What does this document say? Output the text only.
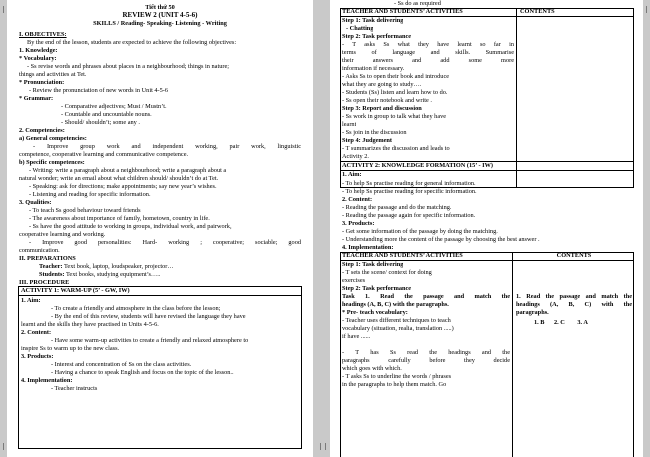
Tiết thứ 50
REVIEW 2 (UNIT 4-5-6)
SKILLS / Reading- Speaking- Listening - Writing
I. OBJECTIVES:
By the end of the lesson, students are expected to achieve the following objectives:
1. Knowledge:
* Vocabulary:
- Ss revise words and phrases about places in a neighbourhood; things in nature;
things and activities at Tet.
* Pronunciation:
- Review the pronunciation of new words in Unit 4-5-6
* Grammar:
- Comparative adjectives; Must / Mustn’t.
- Countable and uncountable nouns.
- Should/ shouldn’t; some any .
2. Competencies:
a) General competencies:
- Improve group work and independent working, pair work, linguistic
competence, cooperative learning and communicative competence.
b) Specific competences:
- Writing: write a paragraph about a neighbourhood; write a paragraph about a
natural wonder; write an email about what children should/ shouldn’t do at Tet.
- Speaking: ask for directions; make appointments; say new year’s wishes.
- Listening and reading for specific information.
3. Qualities:
- To teach Ss good behaviour toward friends
- The awareness about importance of family, hometown, country in life.
- Ss have the good attitude to working in groups, individual work, and pairwork,
cooperative learning and working.
- Improve good personalities: Hard- working ; cooperative; sociable; good
communication.
II. PREPARATIONS
Teacher: Text book, laptop, loudspeaker, projector…
Students: Text books, studying equipment’s…..
III. PROCEDURE
ACTIVITY 1: WARM-UP (5’ - GW, IW)
1. Aim:
- To create a friendly and atmosphere in the class before the lesson;
- By the end of this review, students will have revised the language they have
learnt and the skills they have practised in Units 4-5-6.
2. Content:
- Have some warm-up activities to create a friendly and relaxed atmosphere to
inspire Ss to warm up to the new class.
3. Products:
- Interest and concentration of Ss on the class activities.
- Having a chance to speak English and focus on the topic of the lesson..
4. Implementation:
- Teacher instructs
- Ss do as required
TEACHER AND STUDENTS’ ACTIVITIES	CONTENTS
Step 1: Task delivering
- Chatting
Step 2: Task performance
- T asks Ss what they have learnt so far in
terms of language and skills. Summarise
their answers and add some more
information if necessary.
- Asks Ss to open their book and introduce
what they are going to study….
- Students (Ss) listen and learn how to do.
- Ss open their notebook and write .
Step 3: Report and discussion
- Ss work in group to talk what they have
learnt
- Ss join in the discussion
Step 4: Judgement
- T summarizes the discussion and leads to
Activity 2.
ACTIVITY 2: KNOWLEDGE FORMATION (15’ - IW)
1. Aim:
- To help Ss practise reading for general information.
- To help Ss practise reading for specific information.
2. Content:
- Reading the passage and do the matching.
- Reading the passage again for specific information.
3. Products:
- Get some information of the passage by doing the matching.
- Understanding more the content of the passage by choosing the best answer .
4. Implementation:
TEACHER AND STUDENTS’ ACTIVITIES	CONTENTS
Step 1: Task delivering
- T sets the scene/ context for doing
exercises
Step 2: Task performance
Task 1. Read the passage and match the
headings (A, B, C) with the paragraphs.
* Pre- teach vocabulary:
- Teacher uses different techniques to teach
vocabulary (situation, realia, translation .....)
if have ......
- T has Ss read the headings and the
paragraphs carefully before they decide
which goes with which.
- T asks Ss to underline the words / phrases
in the paragraphs to help them match. Go
1. Read the passage and match the
headings (A, B, C) with the
paragraphs.
1. B      2. C        3. A
